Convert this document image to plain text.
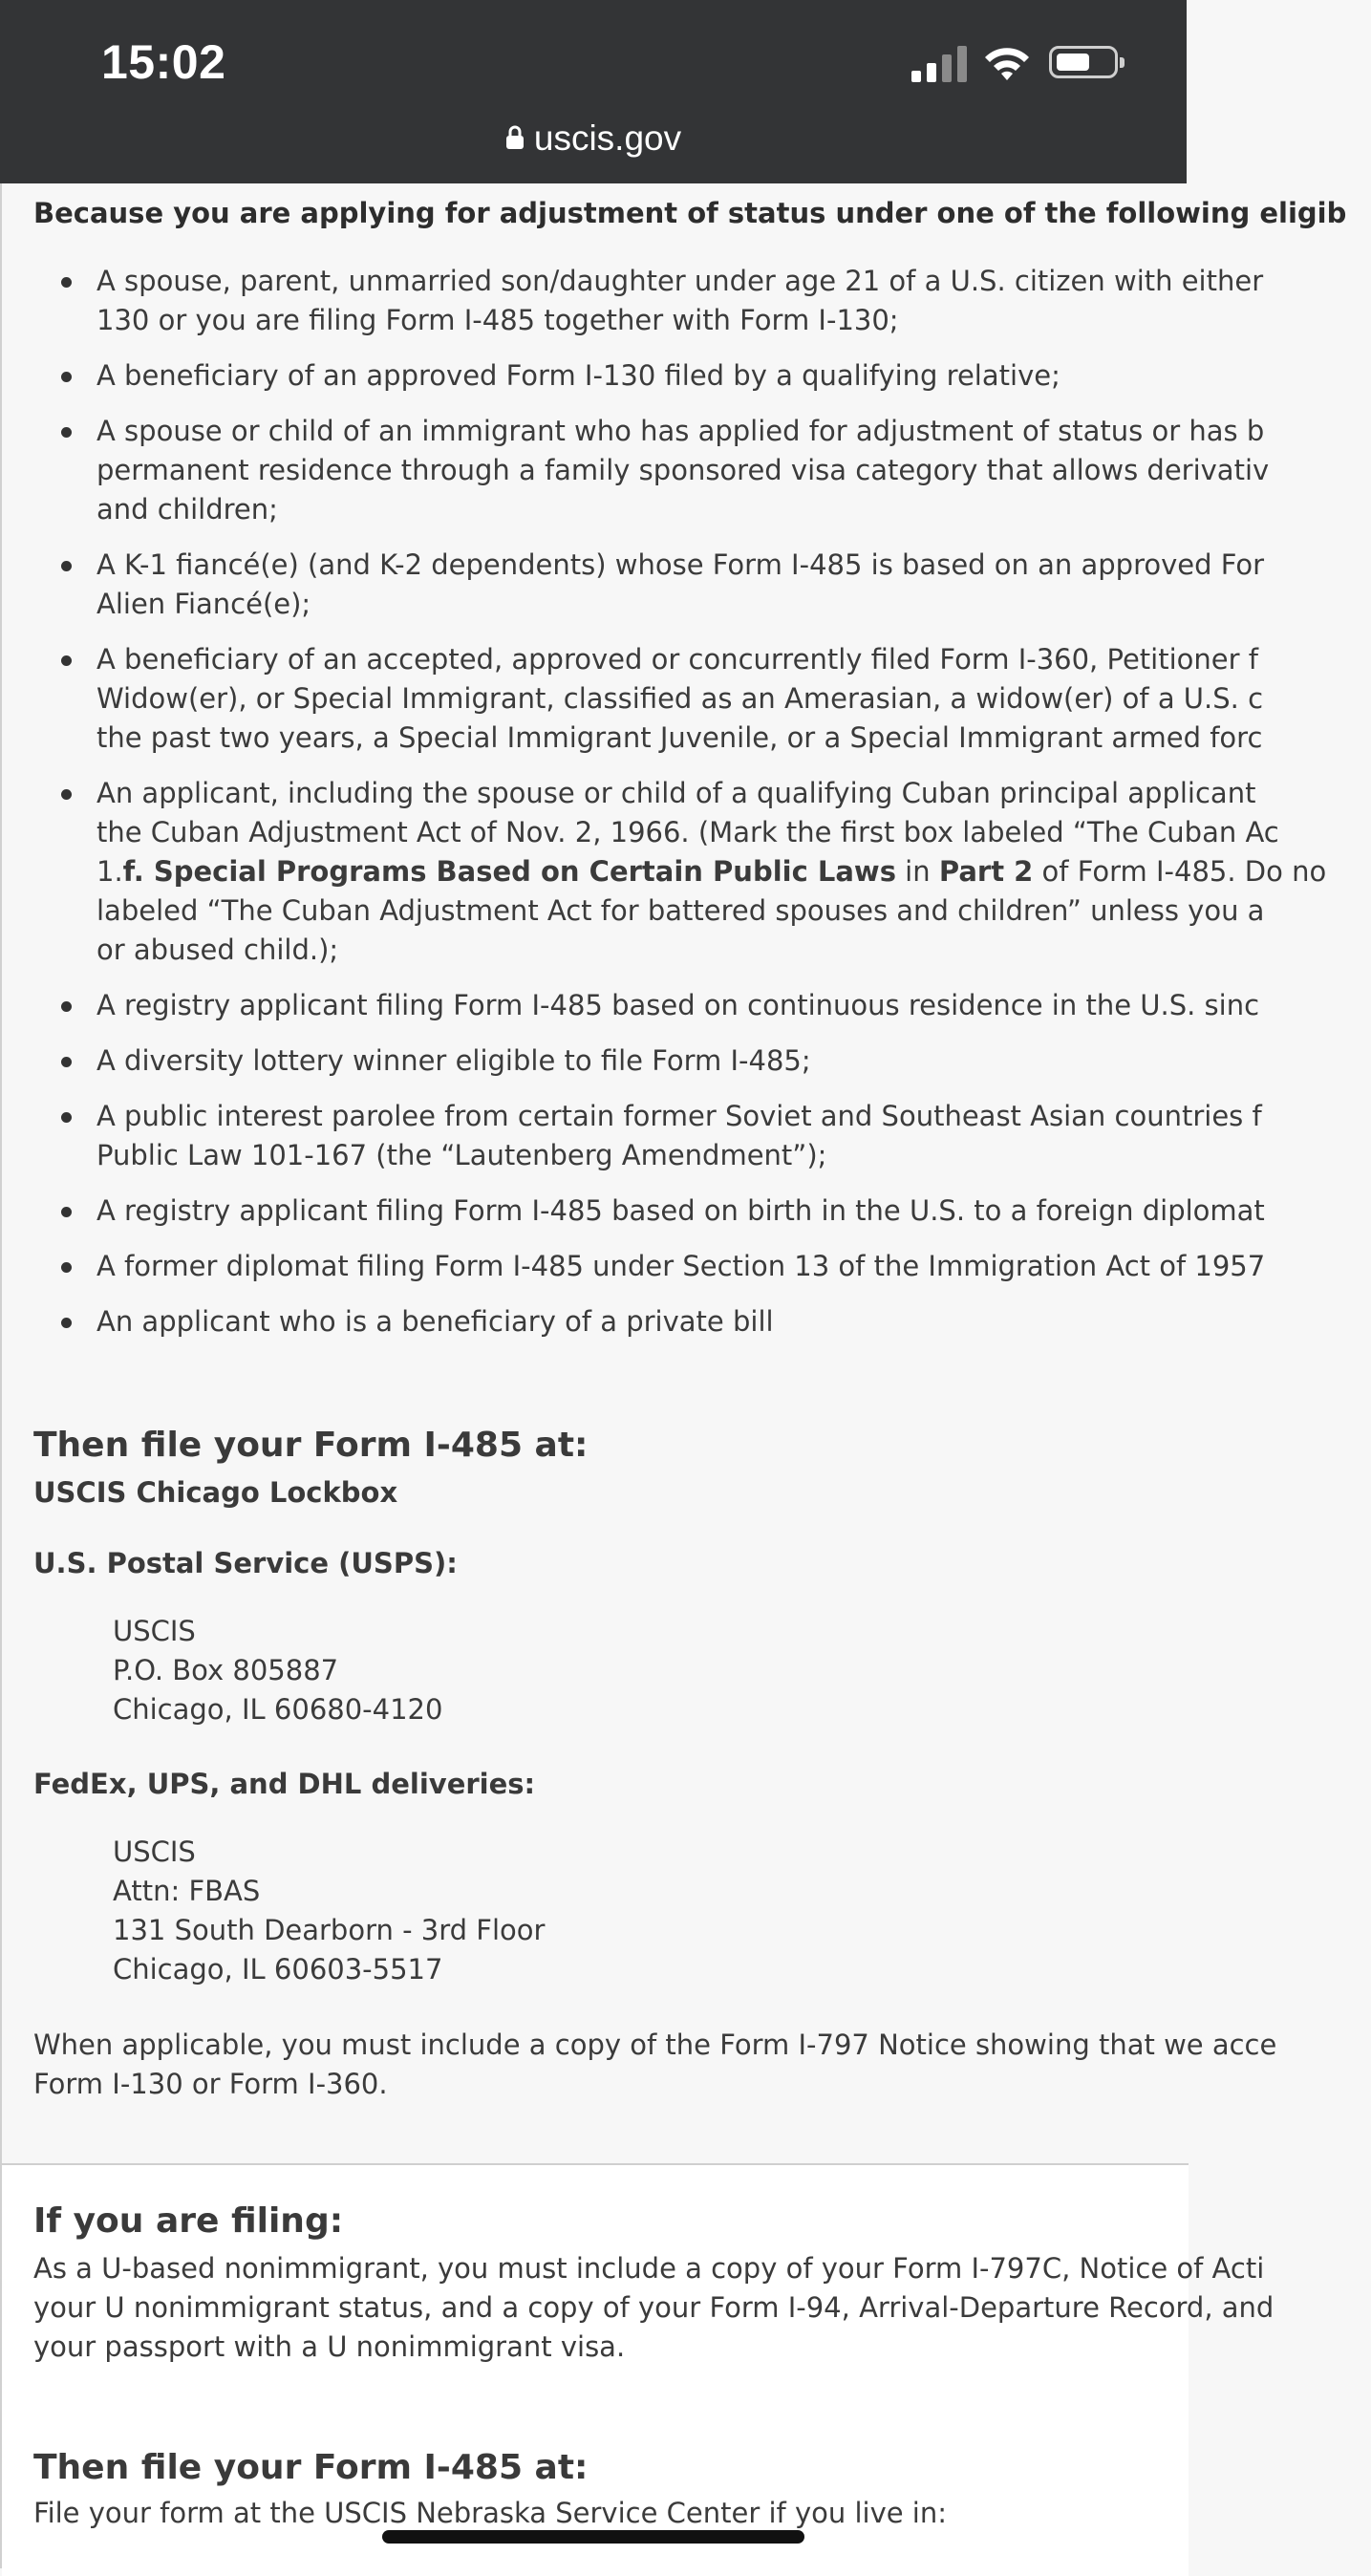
15:02
uscis.gov
Because you are applying for adjustment of status under one of the following eligib
A spouse, parent, unmarried son/daughter under age 21 of a U.S. citizen with either
130 or you are filing Form I-485 together with Form I-130;
A beneficiary of an approved Form I-130 filed by a qualifying relative;
A spouse or child of an immigrant who has applied for adjustment of status or has b
permanent residence through a family sponsored visa category that allows derivativ
and children;
A K-1 fiancé(e) (and K-2 dependents) whose Form I-485 is based on an approved For
Alien Fiancé(e);
A beneficiary of an accepted, approved or concurrently filed Form I-360, Petitioner f
Widow(er), or Special Immigrant, classified as an Amerasian, a widow(er) of a U.S. c
the past two years, a Special Immigrant Juvenile, or a Special Immigrant armed forc
An applicant, including the spouse or child of a qualifying Cuban principal applicant
the Cuban Adjustment Act of Nov. 2, 1966. (Mark the first box labeled “The Cuban Ac
1.f. Special Programs Based on Certain Public Laws in Part 2 of Form I-485. Do no
labeled “The Cuban Adjustment Act for battered spouses and children” unless you a
or abused child.);
A registry applicant filing Form I-485 based on continuous residence in the U.S. sinc
A diversity lottery winner eligible to file Form I-485;
A public interest parolee from certain former Soviet and Southeast Asian countries f
Public Law 101-167 (the “Lautenberg Amendment”);
A registry applicant filing Form I-485 based on birth in the U.S. to a foreign diplomat
A former diplomat filing Form I-485 under Section 13 of the Immigration Act of 1957
An applicant who is a beneficiary of a private bill
Then file your Form I-485 at:
USCIS Chicago Lockbox
U.S. Postal Service (USPS):
USCIS
P.O. Box 805887
Chicago, IL 60680-4120
FedEx, UPS, and DHL deliveries:
USCIS
Attn: FBAS
131 South Dearborn - 3rd Floor
Chicago, IL 60603-5517
When applicable, you must include a copy of the Form I-797 Notice showing that we acce
Form I-130 or Form I-360.
If you are filing:
As a U-based nonimmigrant, you must include a copy of your Form I-797C, Notice of Acti
your U nonimmigrant status, and a copy of your Form I-94, Arrival-Departure Record, and
your passport with a U nonimmigrant visa.
Then file your Form I-485 at:
File your form at the USCIS Nebraska Service Center if you live in:
